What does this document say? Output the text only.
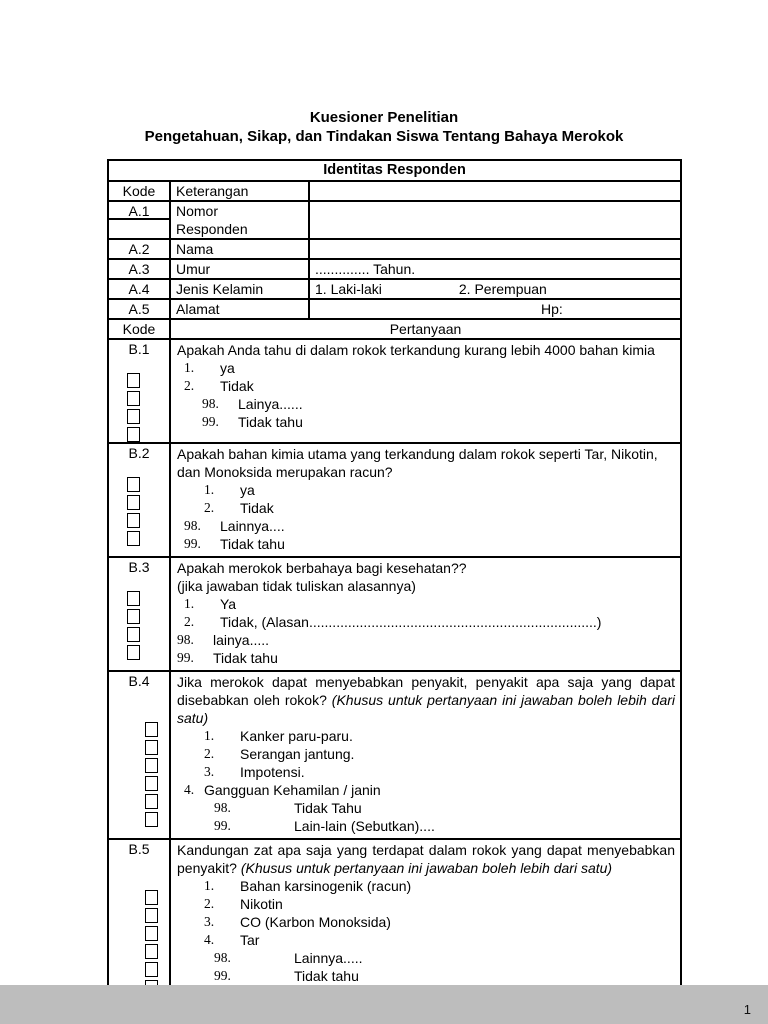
Kuesioner Penelitian
Pengetahuan, Sikap, dan Tindakan Siswa Tentang Bahaya Merokok
Identitas Responden		
Kode	Keterangan	
A.1	Nomor Responden	
A.2	Nama	
A.3	Umur	.............. Tahun.
A.4	Jenis Kelamin	1. Laki-laki 2. Perempuan
A.5	Alamat	Hp:
Kode	Pertanyaan	

B.1	Apakah Anda tahu di dalam rokok terkandung kurang lebih 4000 bahan kimia

1.	ya
2.	Tidak
98.	Lainya......
99.	Tidak tahu

B.2	Apakah bahan kimia utama yang terkandung dalam rokok seperti Tar, Nikotin, dan Monoksida merupakan racun?

1.	ya
2.	Tidak
98.	Lainnya....
99.	Tidak tahu

B.3	Apakah merokok berbahaya bagi kesehatan??

(jika jawaban tidak tuliskan alasannya)

1.	Ya
2.	Tidak, (Alasan..........................................................................)
98.	lainya.....
99.	Tidak tahu

B.4	Jika merokok dapat menyebabkan penyakit, penyakit apa saja yang dapat disebabkan oleh rokok? (Khusus untuk pertanyaan ini jawaban boleh lebih dari satu)

1.	Kanker paru-paru.
2.	Serangan jantung.
3.	Impotensi.
4. Gangguan Kehamilan / janin
98.	Tidak Tahu
99.	Lain-lain (Sebutkan)....

B.5	Kandungan zat apa saja yang terdapat dalam rokok yang dapat menyebabkan penyakit? (Khusus untuk pertanyaan ini jawaban boleh lebih dari satu)

1.	Bahan karsinogenik (racun)
2.	Nikotin
3.	CO (Karbon Monoksida)
4.	Tar
98.	Lainnya.....
99.	Tidak tahu
1
